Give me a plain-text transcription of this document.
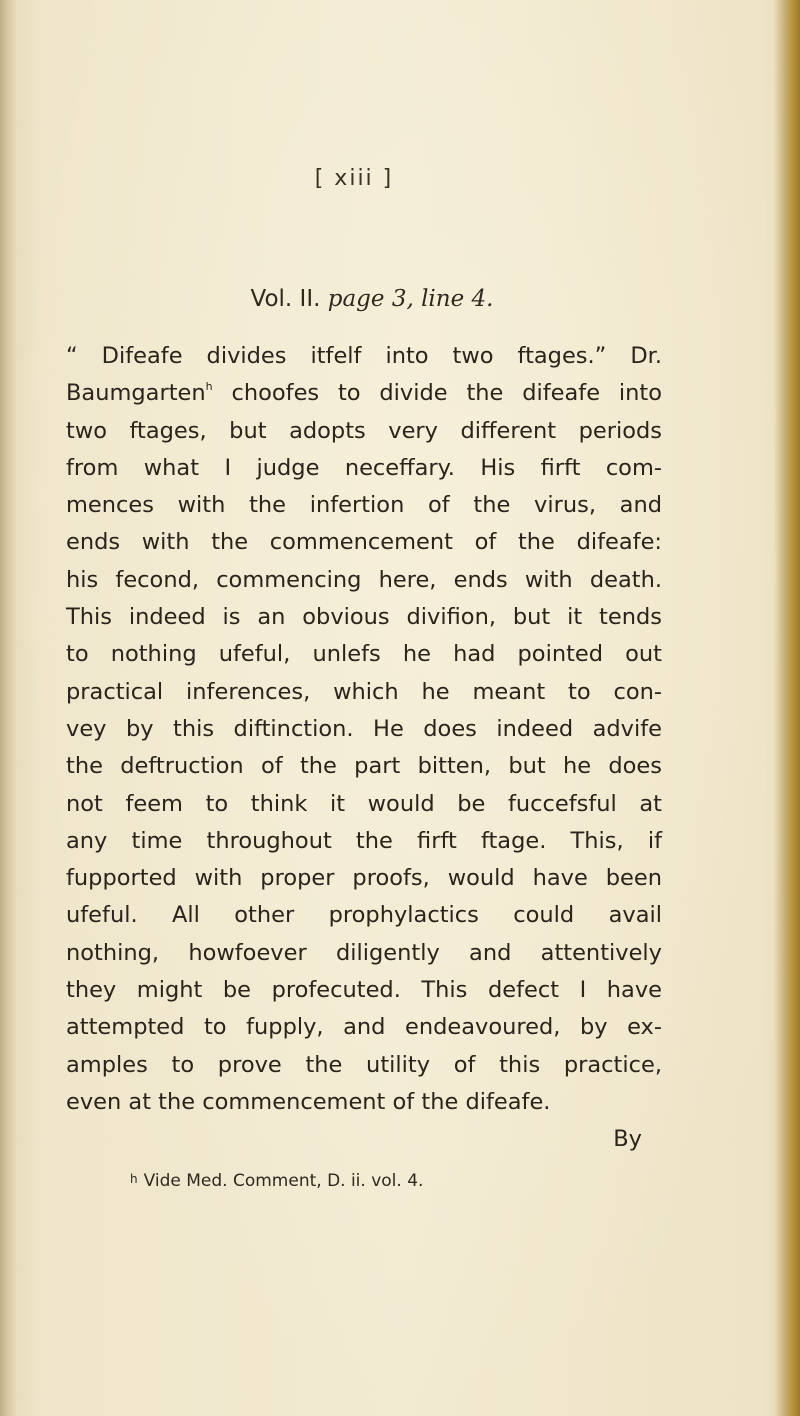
[ xiii ]
Vol. II. page 3, line 4.
“ Difeafe divides itfelf into two ftages.” Dr.
Baumgarten$^h$ choofes to divide the difeafe into
two ftages, but adopts very different periods
from what I judge neceffary. His firft com-
mences with the infertion of the virus, and
ends with the commencement of the difeafe:
his fecond, commencing here, ends with death.
This indeed is an obvious divifion, but it tends
to nothing ufeful, unlefs he had pointed out
practical inferences, which he meant to con-
vey by this diftinction. He does indeed advife
the deftruction of the part bitten, but he does
not feem to think it would be fuccefsful at
any time throughout the firft ftage. This, if
fupported with proper proofs, would have been
ufeful. All other prophylactics could avail
nothing, howfoever diligently and attentively
they might be profecuted. This defect I have
attempted to fupply, and endeavoured, by ex-
amples to prove the utility of this practice,
even at the commencement of the difeafe.
By
h Vide Med. Comment, D. ii. vol. 4.
